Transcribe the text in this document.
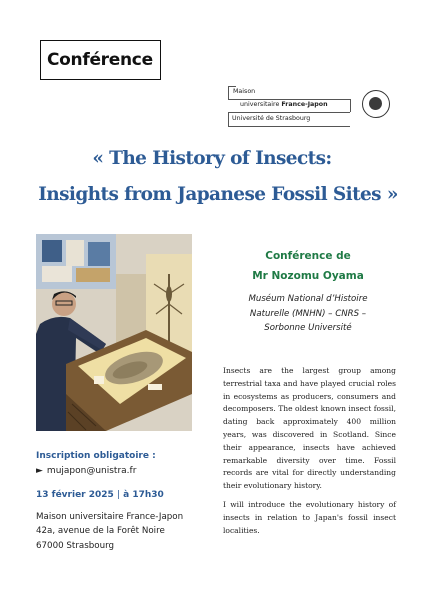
Conférence
Maison
universitaire France-Japon
Université de Strasbourg
« The History of Insects:
Insights from Japanese Fossil Sites »
Conférence de
Mr Nozomu Oyama
Muséum National d’Histoire
Naturelle (MNHN) – CNRS –
Sorbonne Université

Insects are the largest group among terrestrial taxa and have played crucial roles in ecosystems as producers, consumers and decomposers. The oldest known insect fossil, dating back approximately 400 million years, was discovered in Scotland. Since their appearance, insects have achieved remarkable diversity over time. Fossil records are vital for directly understanding their evolutionary history.

I will introduce the evolutionary history of insects in relation to Japan's fossil insect localities.

Inscription obligatoire :
► mujapon@unistra.fr
13 février 2025 | à 17h30
Maison universitaire France-Japon
42a, avenue de la Forêt Noire
67000 Strasbourg
